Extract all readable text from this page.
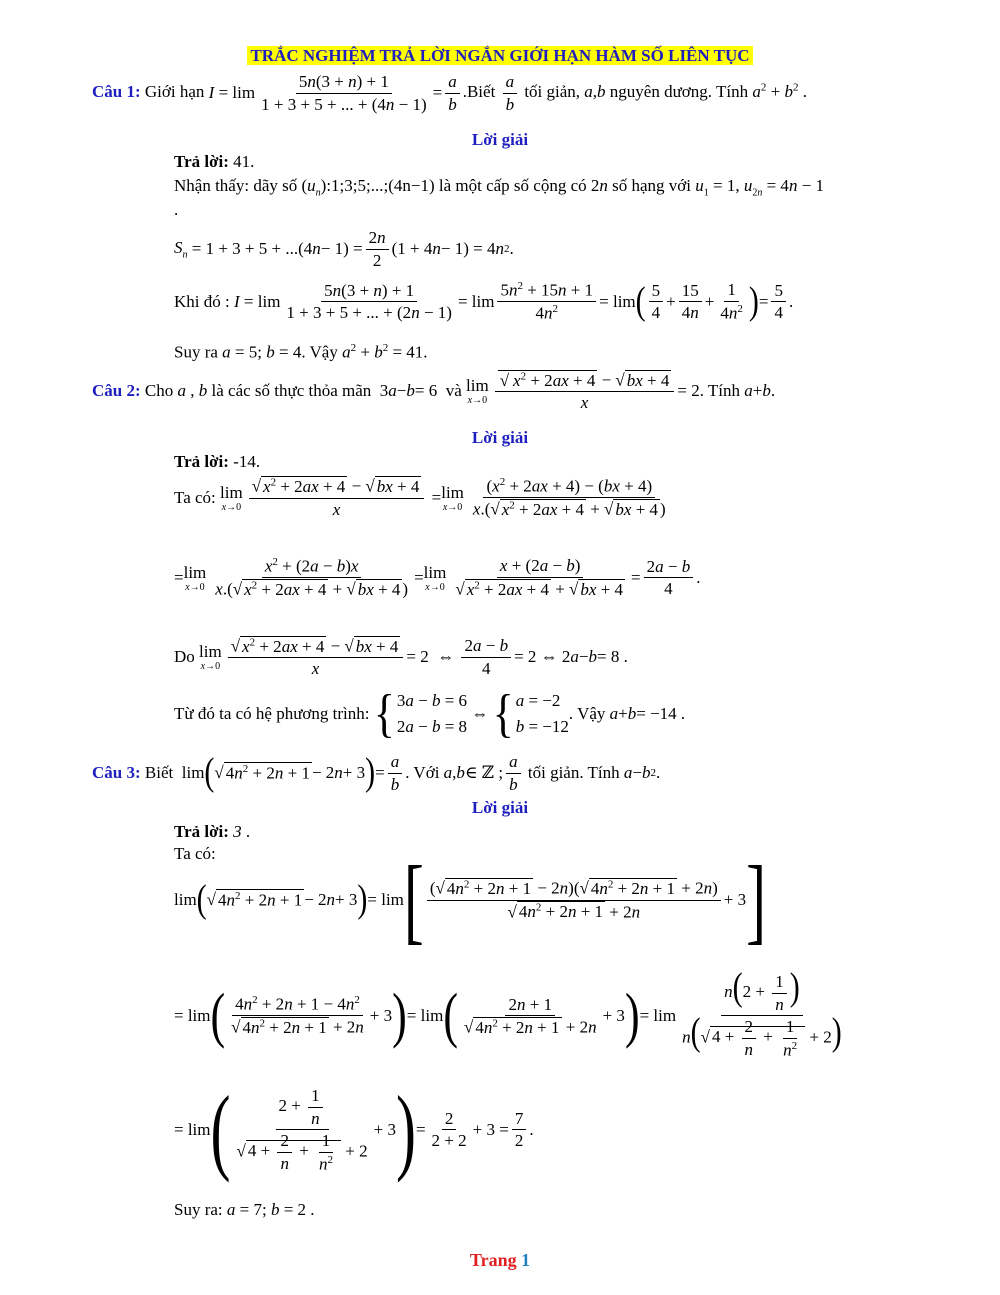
TRẮC NGHIỆM TRẢ LỜI NGẮN GIỚI HẠN HÀM SỐ LIÊN TỤC
Câu 1: Giới hạn $I = \lim \frac{5n(3 + n) + 1}{1 + 3 + 5 + ... + (4n - 1)} = \frac{a}{b}$ .Biết $\frac{a}{b}$ tối giản, a,b nguyên dương. Tính $a^2 + b^2$ .
Lời giải
Trả lời: 41.
Nhận thấy: dãy số $(u_n):1;3;5;...;(4n-1)$ là một cấp số cộng có 2n số hạng với $u_1 = 1$, $u_{2n} = 4n - 1$
.
$S_n = 1 + 3 + 5 + ...(4$ $n - 1) = \frac{2n}{2} (1 + 4$ n − 1) = 4 n 2 .
Khi đó :
$I = \lim \frac{5n(3 + n) + 1}{1 + 3 + 5 + ... + (2n - 1)} = \lim \frac{5n^2 + 15n + 1}{4n^2} = \lim$ ( $\frac{5}{4} + \frac{15}{4n} + \frac{1}{4n^2}$ ) = $\frac{5}{4}$ .
Suy ra a = 5; b = 4. Vậy $a^2 + b^2 = 41$.
Câu 2:
Cho
a , b
là các số thực thỏa mãn 3 a − b = 6 và
lim
$x\to 0 \frac{√ x^2 + 2ax + 4 - √ bx + 4}{x} = 2$ . Tính
a + b .
Lời giải
Trả lời: -14.
Ta có:
lim
$x\to 0 \frac{√ x^2 + 2ax + 4 - √ bx + 4}{x} = \lim$
$x\to 0 \frac{(x^2 + 2ax + 4) - (bx + 4)}{x.(√ x^2 + 2ax + 4 + √ bx + 4 )}$
= lim
$x\to 0 \frac{x^2 + (2a - b)x}{x.(√ x^2 + 2ax + 4 + √ bx + 4 )} = \lim$
$x\to 0 \frac{x + (2a - b)}{√ x^2 + 2ax + 4 + √ bx + 4} = \frac{2a - b}{4}$ .
Do
lim
$x\to 0 \frac{√ x^2 + 2ax + 4 - √ bx + 4}{x} = 2$  ⇔ $\frac{2a - b}{4} = 2$ ⇔ 2 a − b = 8 .
Từ đó ta có hệ phương trình:
{ 3a − b = 6
2a − b = 8
⇔ { a = −2
b = −12
. Vậy
a + b = −14 .
Câu 3:
Biết lim ( √ $4n^2 + 2n + 1 - 2$ n + 3 ) = $\frac{a}{b}$ . Với
a , b ∈ ℤ ; $\frac{a}{b}$
tối giản. Tính
a − b 2 .
Lời giải
Trả lời: 3 .
Ta có:
lim ( √ $4n^2 + 2n + 1 - 2$ n + 3 ) = lim [ $\frac{(√ 4n^2 + 2n + 1 - 2n)(√ 4n^2 + 2n + 1 + 2n)}{√ 4n^2 + 2n + 1 + 2n} + 3$ ]
= lim ( $\frac{4n^2 + 2n + 1 - 4n^2}{√ 4n^2 + 2n + 1 + 2n} + 3$ ) = lim ( $\frac{2n + 1}{√ 4n^2 + 2n + 1 + 2n} + 3$ ) = $\lim \frac{n(2 + \frac{1}{n} )}{n(√ 4 + \frac{2}{n} + \frac{1}{n^2} + 2)}$
= lim ( $\frac{2 + \frac{1}{n}}{√ 4 + \frac{2}{n} + \frac{1}{n^2} + 2} + 3$ ) = $\frac{2}{2 + 2} + 3 = \frac{7}{2}$ .
Suy ra: a = 7; b = 2 .
Trang 1
